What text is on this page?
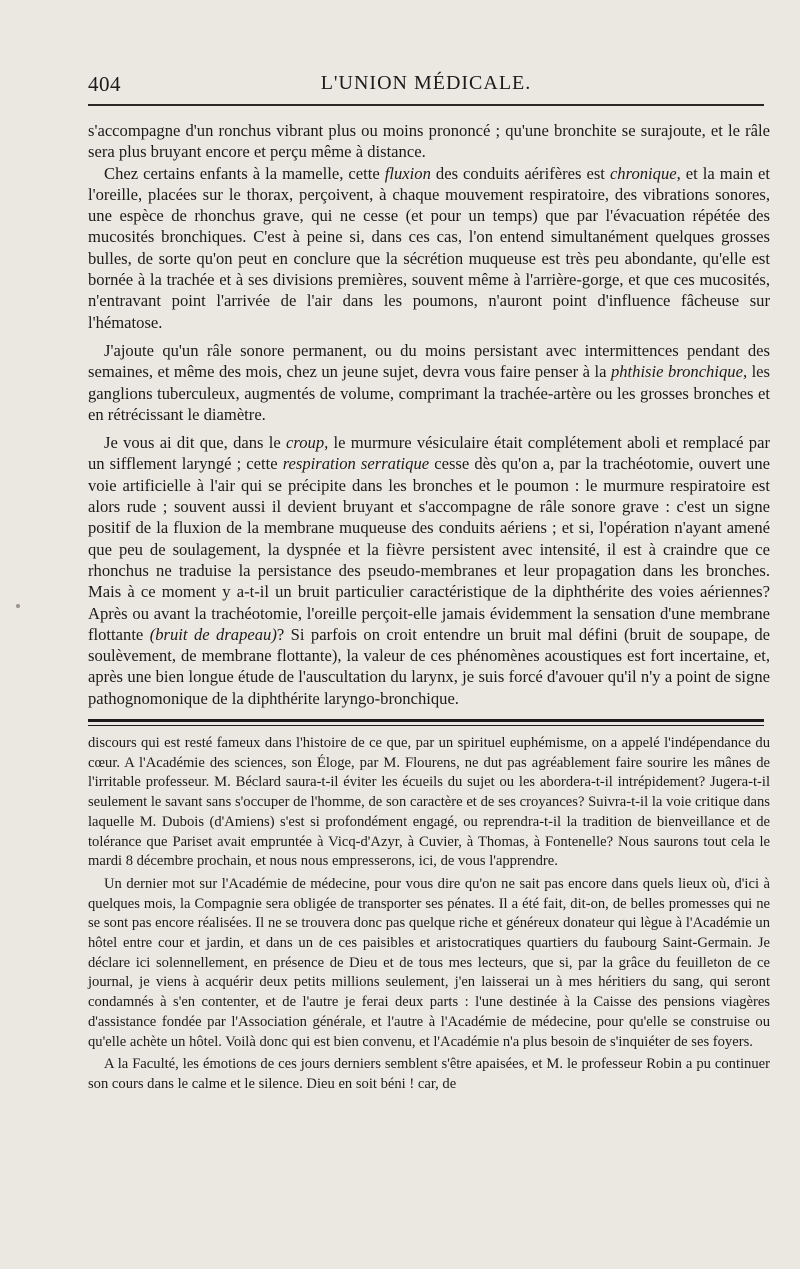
404	L'UNION MÉDICALE.

s'accompagne d'un ronchus vibrant plus ou moins prononcé ; qu'une bronchite se surajoute, et le râle sera plus bruyant encore et perçu même à distance.

Chez certains enfants à la mamelle, cette fluxion des conduits aérifères est chronique, et la main et l'oreille, placées sur le thorax, perçoivent, à chaque mouvement respiratoire, des vibrations sonores, une espèce de rhonchus grave, qui ne cesse (et pour un temps) que par l'évacuation répétée des mucosités bronchiques. C'est à peine si, dans ces cas, l'on entend simultanément quelques grosses bulles, de sorte qu'on peut en conclure que la sécrétion muqueuse est très peu abondante, qu'elle est bornée à la trachée et à ses divisions premières, souvent même à l'arrière-gorge, et que ces mucosités, n'entravant point l'arrivée de l'air dans les poumons, n'auront point d'influence fâcheuse sur l'hématose.

J'ajoute qu'un râle sonore permanent, ou du moins persistant avec intermittences pendant des semaines, et même des mois, chez un jeune sujet, devra vous faire penser à la phthisie bronchique, les ganglions tuberculeux, augmentés de volume, comprimant la trachée-artère ou les grosses bronches et en rétrécissant le diamètre.

Je vous ai dit que, dans le croup, le murmure vésiculaire était complétement aboli et remplacé par un sifflement laryngé ; cette respiration serratique cesse dès qu'on a, par la trachéotomie, ouvert une voie artificielle à l'air qui se précipite dans les bronches et le poumon : le murmure respiratoire est alors rude ; souvent aussi il devient bruyant et s'accompagne de râle sonore grave : c'est un signe positif de la fluxion de la membrane muqueuse des conduits aériens ; et si, l'opération n'ayant amené que peu de soulagement, la dyspnée et la fièvre persistent avec intensité, il est à craindre que ce rhonchus ne traduise la persistance des pseudo-membranes et leur propagation dans les bronches. Mais à ce moment y a-t-il un bruit particulier caractéristique de la diphthérite des voies aériennes? Après ou avant la trachéotomie, l'oreille perçoit-elle jamais évidemment la sensation d'une membrane flottante (bruit de drapeau)? Si parfois on croit entendre un bruit mal défini (bruit de soupape, de soulèvement, de membrane flottante), la valeur de ces phénomènes acoustiques est fort incertaine, et, après une bien longue étude de l'auscultation du larynx, je suis forcé d'avouer qu'il n'y a point de signe pathognomonique de la diphthérite laryngo-bronchique.

discours qui est resté fameux dans l'histoire de ce que, par un spirituel euphémisme, on a appelé l'indépendance du cœur. A l'Académie des sciences, son Éloge, par M. Flourens, ne dut pas agréablement faire sourire les mânes de l'irritable professeur. M. Béclard saura-t-il éviter les écueils du sujet ou les abordera-t-il intrépidement? Jugera-t-il seulement le savant sans s'occuper de l'homme, de son caractère et de ses croyances? Suivra-t-il la voie critique dans laquelle M. Dubois (d'Amiens) s'est si profondément engagé, ou reprendra-t-il la tradition de bienveillance et de tolérance que Pariset avait empruntée à Vicq-d'Azyr, à Cuvier, à Thomas, à Fontenelle? Nous saurons tout cela le mardi 8 décembre prochain, et nous nous empresserons, ici, de vous l'apprendre.

Un dernier mot sur l'Académie de médecine, pour vous dire qu'on ne sait pas encore dans quels lieux où, d'ici à quelques mois, la Compagnie sera obligée de transporter ses pénates. Il a été fait, dit-on, de belles promesses qui ne se sont pas encore réalisées. Il ne se trouvera donc pas quelque riche et généreux donateur qui lègue à l'Académie un hôtel entre cour et jardin, et dans un de ces paisibles et aristocratiques quartiers du faubourg Saint-Germain. Je déclare ici solennellement, en présence de Dieu et de tous mes lecteurs, que si, par la grâce du feuilleton de ce journal, je viens à acquérir deux petits millions seulement, j'en laisserai un à mes héritiers du sang, qui seront condamnés à s'en contenter, et de l'autre je ferai deux parts : l'une destinée à la Caisse des pensions viagères d'assistance fondée par l'Association générale, et l'autre à l'Académie de médecine, pour qu'elle se construise ou qu'elle achète un hôtel. Voilà donc qui est bien convenu, et l'Académie n'a plus besoin de s'inquiéter de ses foyers.

A la Faculté, les émotions de ces jours derniers semblent s'être apaisées, et M. le professeur Robin a pu continuer son cours dans le calme et le silence. Dieu en soit béni ! car, de
